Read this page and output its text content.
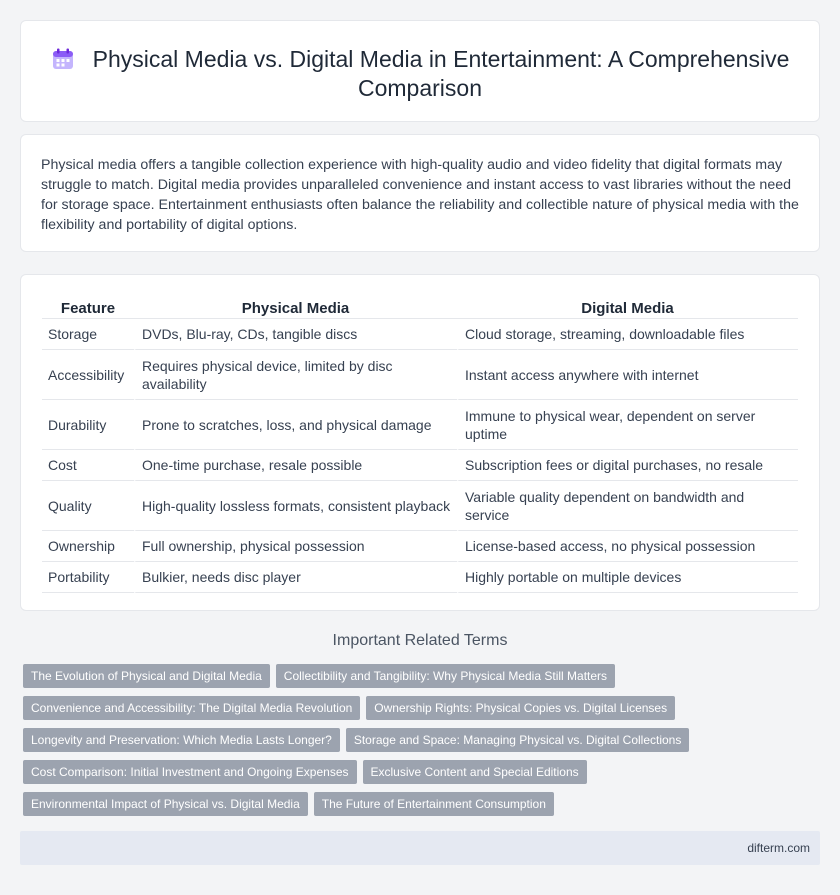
Physical Media vs. Digital Media in Entertainment: A Comprehensive Comparison

Physical media offers a tangible collection experience with high-quality audio and video fidelity that digital formats may struggle to match. Digital media provides unparalleled convenience and instant access to vast libraries without the need for storage space. Entertainment enthusiasts often balance the reliability and collectible nature of physical media with the flexibility and portability of digital options.

Feature	Physical Media	Digital Media
Storage	DVDs, Blu-ray, CDs, tangible discs	Cloud storage, streaming, downloadable files
Accessibility	Requires physical device, limited by disc availability	Instant access anywhere with internet
Durability	Prone to scratches, loss, and physical damage	Immune to physical wear, dependent on server uptime
Cost	One-time purchase, resale possible	Subscription fees or digital purchases, no resale
Quality	High-quality lossless formats, consistent playback	Variable quality dependent on bandwidth and service
Ownership	Full ownership, physical possession	License-based access, no physical possession
Portability	Bulkier, needs disc player	Highly portable on multiple devices
Important Related Terms
The Evolution of Physical and Digital Media Collectibility and Tangibility: Why Physical Media Still Matters
Convenience and Accessibility: The Digital Media Revolution Ownership Rights: Physical Copies vs. Digital Licenses
Longevity and Preservation: Which Media Lasts Longer? Storage and Space: Managing Physical vs. Digital Collections
Cost Comparison: Initial Investment and Ongoing Expenses Exclusive Content and Special Editions
Environmental Impact of Physical vs. Digital Media The Future of Entertainment Consumption
difterm.com
